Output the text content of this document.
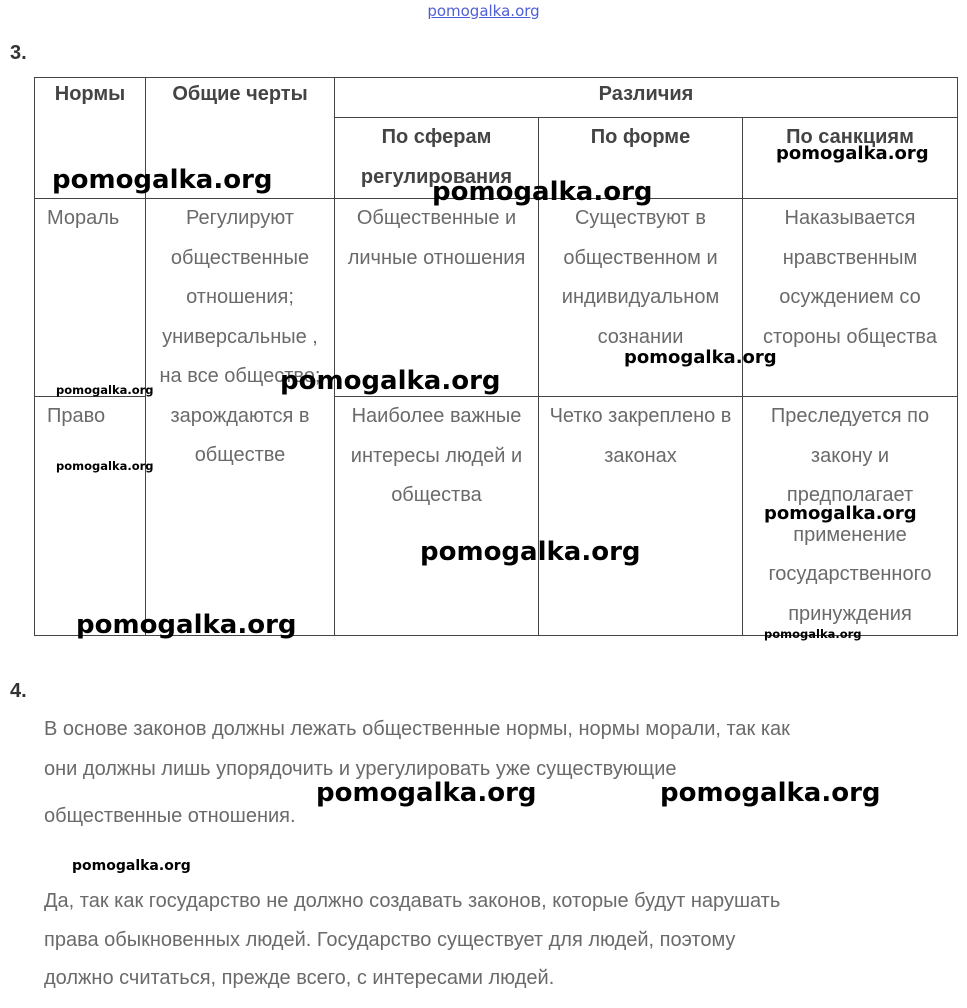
pomogalka.org
3.
Нормы	Общие черты	Различия		
		По сферам регулирования	По форме	По санкциям
Мораль	Регулируют общественные отношения; универсальные , на все общество; зарождаются в обществе	Общественные и личные отношения	Существуют в общественном и индивидуальном сознании	Наказывается нравственным осуждением со стороны общества
Право		Наиболее важные интересы людей и общества	Четко закреплено в законах	Преследуется по закону и предполагает применение государственного принуждения
4.
В основе законов должны лежать общественные нормы, нормы морали, так как
они должны лишь упорядочить и урегулировать уже существующие
общественные отношения.
Да, так как государство не должно создавать законов, которые будут нарушать
права обыкновенных людей. Государство существует для людей, поэтому
должно считаться, прежде всего, с интересами людей.
pomogalka.org	pomogalka.org
pomogalka.org
pomogalka.org
pomogalka.org
pomogalka.org
pomogalka.org
pomogalka.org
pomogalka.org
pomogalka.org	pomogalka.org
pomogalka.org	pomogalka.org
pomogalka.org
